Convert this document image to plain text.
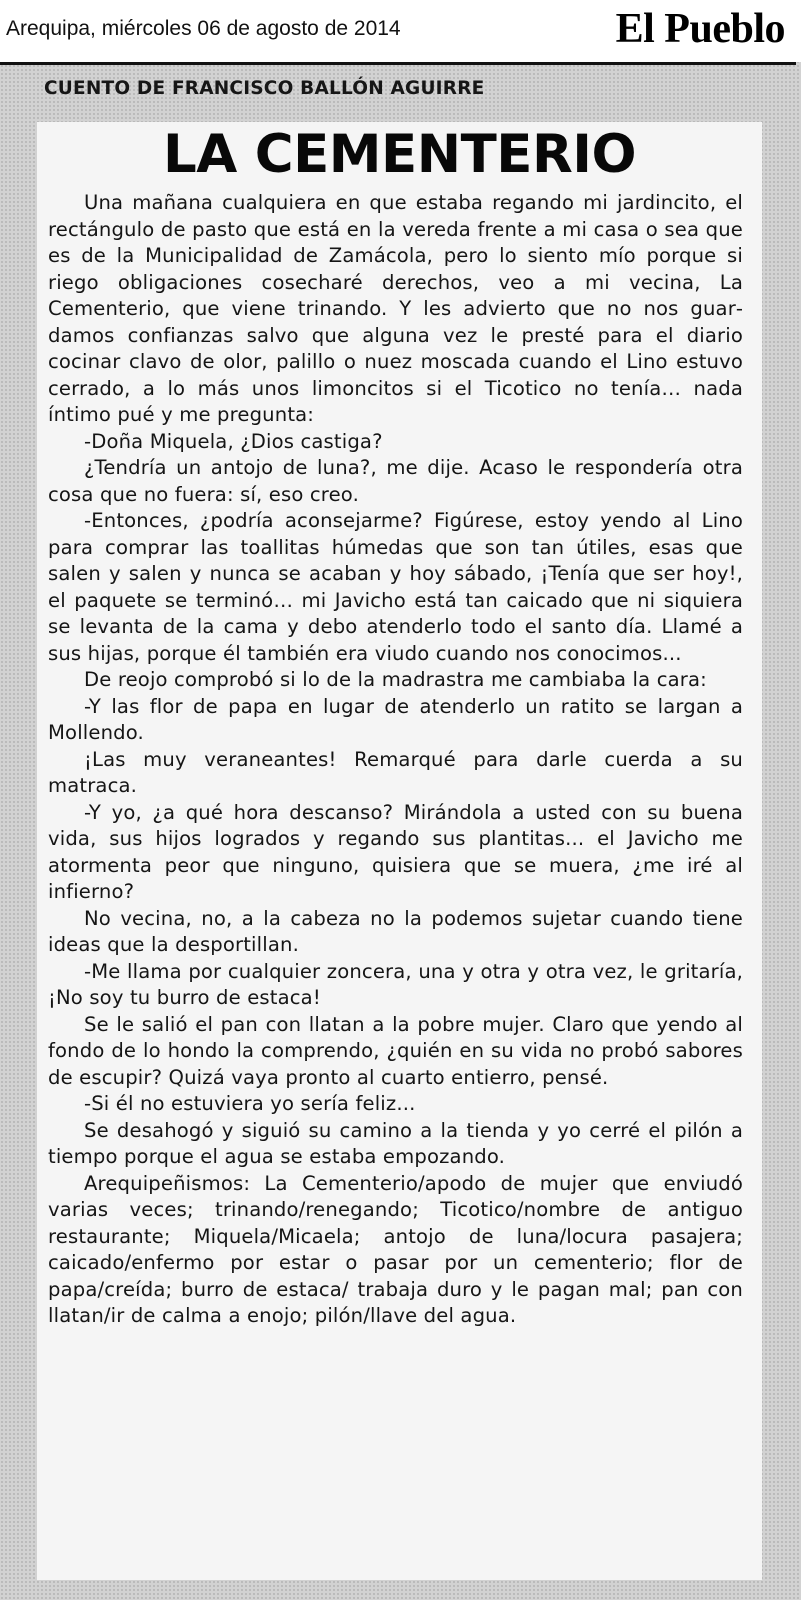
Arequipa, miércoles 06 de agosto de 2014	El Pueblo
CUENTO DE FRANCISCO BALLÓN AGUIRRE
LA CEMENTERIO

Una mañana cualquiera en que estaba regando mi jardincito, el rectángulo de pasto que está en la vereda frente a mi casa o sea que es de la Municipalidad de Zamácola, pero lo siento mío porque si riego obligaciones cosecharé derechos, veo a mi vecina, La Cementerio, que viene trinando. Y les advierto que no nos guardamos confianzas salvo que alguna vez le presté para el diario cocinar clavo de olor, palillo o nuez moscada cuando el Lino estuvo cerrado, a lo más unos limoncitos si el Ticotico no tenía… nada íntimo pué y me pregunta:

-Doña Miquela, ¿Dios castiga?

¿Tendría un antojo de luna?, me dije. Acaso le respondería otra cosa que no fuera: sí, eso creo.

-Entonces, ¿podría aconsejarme? Figúrese, estoy yendo al Lino para comprar las toallitas húmedas que son tan útiles, esas que salen y salen y nunca se acaban y hoy sábado, ¡Tenía que ser hoy!, el paquete se terminó… mi Javicho está tan caicado que ni siquiera se levanta de la cama y debo atenderlo todo el santo día. Llamé a sus hijas, porque él también era viudo cuando nos conocimos...

De reojo comprobó si lo de la madrastra me cambiaba la cara:

-Y las flor de papa en lugar de atenderlo un ratito se largan a Mollendo.

¡Las muy veraneantes! Remarqué para darle cuerda a su matraca.

-Y yo, ¿a qué hora descanso? Mirándola a usted con su buena vida, sus hijos logrados y regando sus plantitas... el Javicho me atormenta peor que ninguno, quisiera que se muera, ¿me iré al infierno?

No vecina, no, a la cabeza no la podemos sujetar cuando tiene ideas que la desportillan.

-Me llama por cualquier zoncera, una y otra y otra vez, le gritaría, ¡No soy tu burro de estaca!

Se le salió el pan con llatan a la pobre mujer. Claro que yendo al fondo de lo hondo la comprendo, ¿quién en su vida no probó sabores de escupir? Quizá vaya pronto al cuarto entierro, pensé.

-Si él no estuviera yo sería feliz...

Se desahogó y siguió su camino a la tienda y yo cerré el pilón a tiempo porque el agua se estaba empozando.

Arequipeñismos: La Cementerio/apodo de mujer que enviudó varias veces; trinando/renegando; Ticotico/nombre de antiguo restaurante; Miquela/Micaela; antojo de luna/locura pasajera; caicado/enfermo por estar o pasar por un cementerio; flor de papa/creída; burro de estaca/ trabaja duro y le pagan mal; pan con llatan/ir de calma a enojo; pilón/llave del agua.
